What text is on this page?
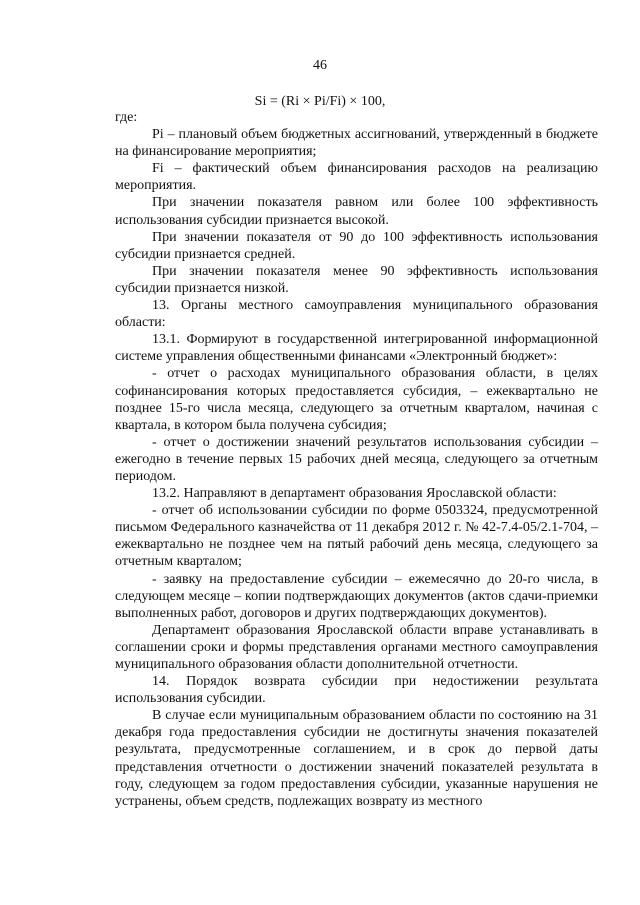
46
Si = (Ri × Pi/Fi) × 100,

где:

Pi – плановый объем бюджетных ассигнований, утвержденный в бюджете на финансирование мероприятия;

Fi – фактический объем финансирования расходов на реализацию мероприятия.

При значении показателя равном или более 100 эффективность использования субсидии признается высокой.

При значении показателя от 90 до 100 эффективность использования субсидии признается средней.

При значении показателя менее 90 эффективность использования субсидии признается низкой.

13. Органы местного самоуправления муниципального образования области:

13.1. Формируют в государственной интегрированной информационной системе управления общественными финансами «Электронный бюджет»:

- отчет о расходах муниципального образования области, в целях софинансирования которых предоставляется субсидия, – ежеквартально не позднее 15-го числа месяца, следующего за отчетным кварталом, начиная с квартала, в котором была получена субсидия;

- отчет о достижении значений результатов использования субсидии – ежегодно в течение первых 15 рабочих дней месяца, следующего за отчетным периодом.

13.2. Направляют в департамент образования Ярославской области:

- отчет об использовании субсидии по форме 0503324, предусмотренной письмом Федерального казначейства от 11 декабря 2012 г. № 42-7.4-05/2.1-704, – ежеквартально не позднее чем на пятый рабочий день месяца, следующего за отчетным кварталом;

- заявку на предоставление субсидии – ежемесячно до 20-го числа, в следующем месяце – копии подтверждающих документов (актов сдачи-приемки выполненных работ, договоров и других подтверждающих документов).

Департамент образования Ярославской области вправе устанавливать в соглашении сроки и формы представления органами местного самоуправления муниципального образования области дополнительной отчетности.

14. Порядок возврата субсидии при недостижении результата использования субсидии.

В случае если муниципальным образованием области по состоянию на 31 декабря года предоставления субсидии не достигнуты значения показателей результата, предусмотренные соглашением, и в срок до первой даты представления отчетности о достижении значений показателей результата в году, следующем за годом предоставления субсидии, указанные нарушения не устранены, объем средств, подлежащих возврату из местного
